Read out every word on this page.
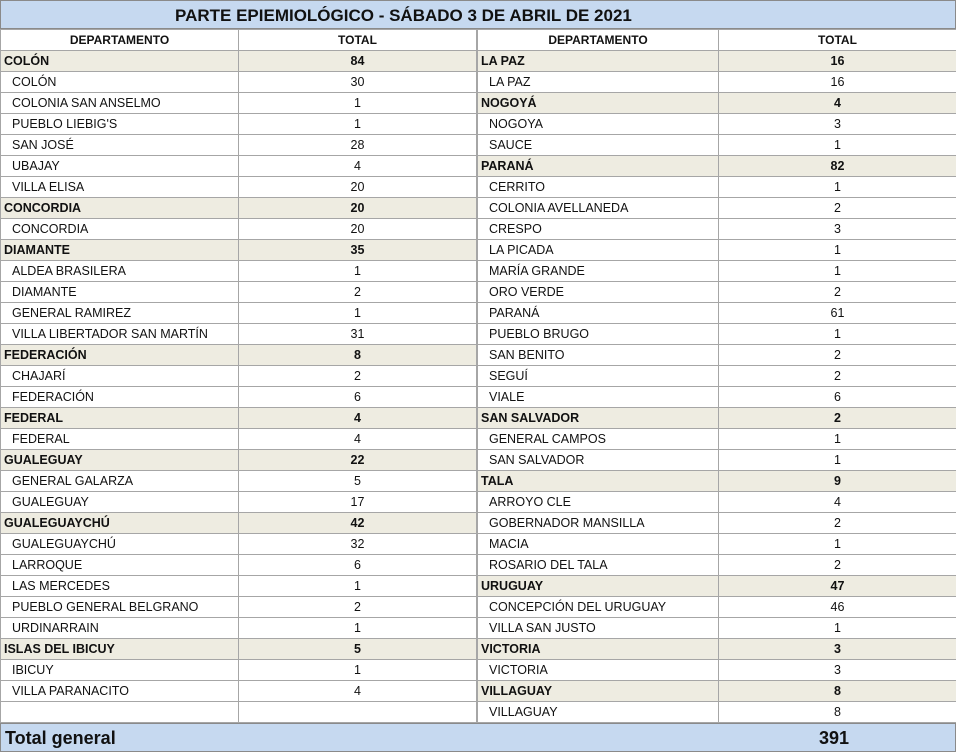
PARTE EPIEMIOLÓGICO - SÁBADO 3 DE ABRIL DE 2021
DEPARTAMENTO	TOTAL
COLÓN	84
COLÓN	30
COLONIA SAN ANSELMO	1
PUEBLO LIEBIG'S	1
SAN JOSÉ	28
UBAJAY	4
VILLA ELISA	20
CONCORDIA	20
CONCORDIA	20
DIAMANTE	35
ALDEA BRASILERA	1
DIAMANTE	2
GENERAL RAMIREZ	1
VILLA LIBERTADOR SAN MARTÍN	31
FEDERACIÓN	8
CHAJARÍ	2
FEDERACIÓN	6
FEDERAL	4
FEDERAL	4
GUALEGUAY	22
GENERAL GALARZA	5
GUALEGUAY	17
GUALEGUAYCHÚ	42
GUALEGUAYCHÚ	32
LARROQUE	6
LAS MERCEDES	1
PUEBLO GENERAL BELGRANO	2
URDINARRAIN	1
ISLAS DEL IBICUY	5
IBICUY	1
VILLA PARANACITO	4

DEPARTAMENTO	TOTAL
LA PAZ	16
LA PAZ	16
NOGOYÁ	4
NOGOYA	3
SAUCE	1
PARANÁ	82
CERRITO	1
COLONIA AVELLANEDA	2
CRESPO	3
LA PICADA	1
MARÍA GRANDE	1
ORO VERDE	2
PARANÁ	61
PUEBLO BRUGO	1
SAN BENITO	2
SEGUÍ	2
VIALE	6
SAN SALVADOR	2
GENERAL CAMPOS	1
SAN SALVADOR	1
TALA	9
ARROYO CLE	4
GOBERNADOR MANSILLA	2
MACIA	1
ROSARIO DEL TALA	2
URUGUAY	47
CONCEPCIÓN DEL URUGUAY	46
VILLA SAN JUSTO	1
VICTORIA	3
VICTORIA	3
VILLAGUAY	8
VILLAGUAY	8
Total general	391
